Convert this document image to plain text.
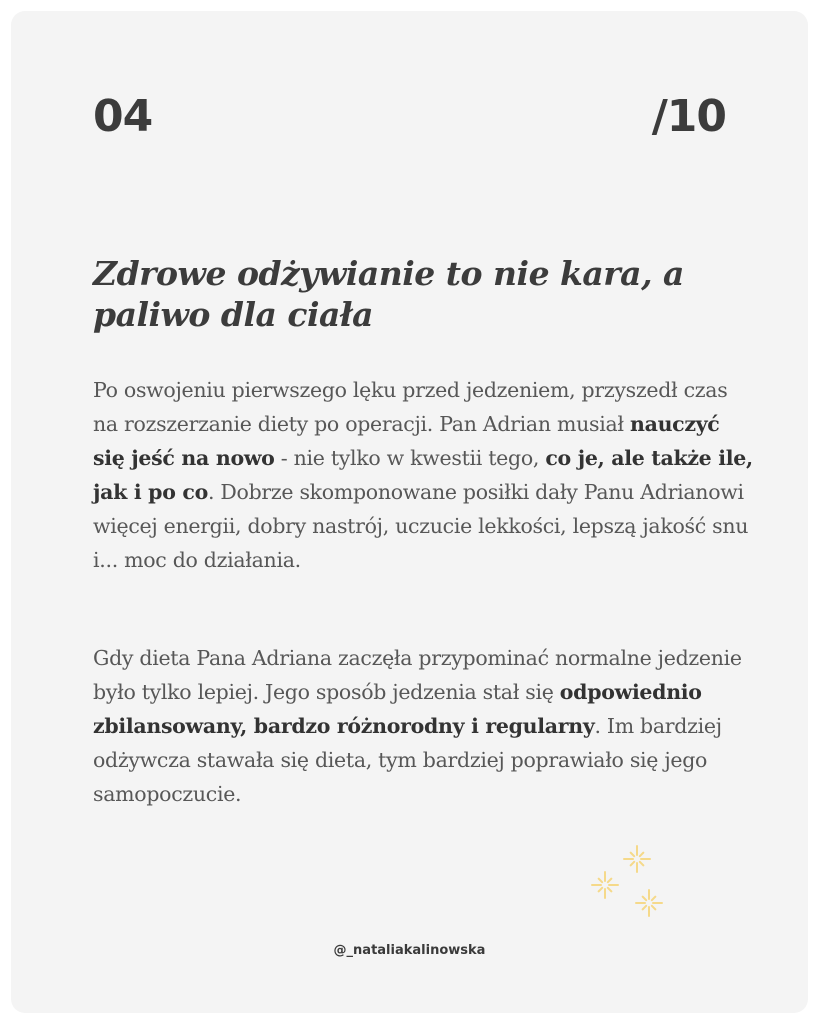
04	/10
Zdrowe odżywianie to nie kara, a paliwo dla ciała

Po oswojeniu pierwszego lęku przed jedzeniem, przyszedł czas na rozszerzanie diety po operacji. Pan Adrian musiał nauczyć się jeść na nowo - nie tylko w kwestii tego, co je, ale także ile, jak i po co. Dobrze skomponowane posiłki dały Panu Adrianowi więcej energii, dobry nastrój, uczucie lekkości, lepszą jakość snu i... moc do działania.

Gdy dieta Pana Adriana zaczęła przypominać normalne jedzenie było tylko lepiej. Jego sposób jedzenia stał się odpowiednio zbilansowany, bardzo różnorodny i regularny. Im bardziej odżywcza stawała się dieta, tym bardziej poprawiało się jego samopoczucie.

@_nataliakalinowska
